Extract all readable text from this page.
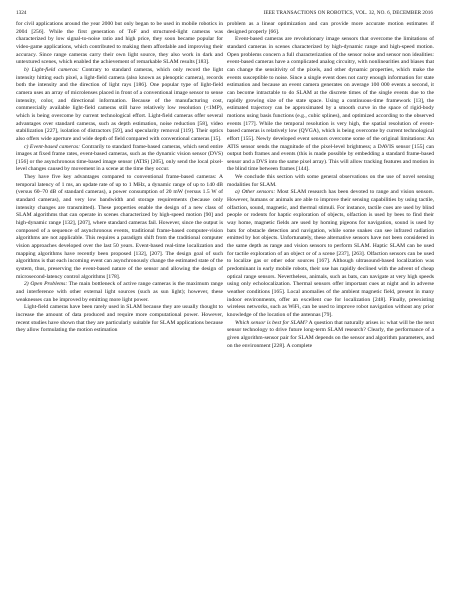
1324	IEEE TRANSACTIONS ON ROBOTICS, VOL. 32, NO. 6, DECEMBER 2016

for civil applications around the year 2000 but only began to be used in mobile robotics in 2004 [256]. While the first generation of ToF and structured-light cameras was characterized by low signal-to-noise ratio and high price, they soon became popular for video-game applications, which contributed to making them affordable and improving their accuracy. Since range cameras carry their own light source, they also work in dark and untextured scenes, which enabled the achievement of remarkable SLAM results [183].

b) Light-field cameras: Contrary to standard cameras, which only record the light intensity hitting each pixel, a light-field camera (also known as plenoptic camera), records both the intensity and the direction of light rays [186]. One popular type of light-field camera uses an array of microlenses placed in front of a conventional image sensor to sense intensity, color, and directional information. Because of the manufacturing cost, commercially available light-field cameras still have relatively low resolution (<1MP), which is being overcome by current technological effort. Light-field cameras offer several advantages over standard cameras, such as depth estimation, noise reduction [58], video stabilization [227], isolation of distractors [59], and specularity removal [119]. Their optics also offers wide aperture and wide depth of field compared with conventional cameras [15].

c) Event-based cameras: Contrarily to standard frame-based cameras, which send entire images at fixed frame rates, event-based cameras, such as the dynamic vision sensor (DVS) [156] or the asynchronous time-based image sensor (ATIS) [205], only send the local pixel-level changes caused by movement in a scene at the time they occur.

They have five key advantages compared to conventional frame-based cameras: A temporal latency of 1 ms, an update rate of up to 1 MHz, a dynamic range of up to 140 dB (versus 60–70 dB of standard cameras), a power consumption of 20 mW (versus 1.5 W of standard cameras), and very low bandwidth and storage requirements (because only intensity changes are transmitted). These properties enable the design of a new class of SLAM algorithms that can operate in scenes characterized by high-speed motion [90] and high-dynamic range [132], [207], where standard cameras fail. However, since the output is composed of a sequence of asynchronous events, traditional frame-based computer-vision algorithms are not applicable. This requires a paradigm shift from the traditional computer vision approaches developed over the last 50 years. Event-based real-time localization and mapping algorithms have recently been proposed [132], [207]. The design goal of such algorithms is that each incoming event can asynchronously change the estimated state of the system, thus, preserving the event-based nature of the sensor and allowing the design of microsecond-latency control algorithms [178].

2) Open Problems: The main bottleneck of active range cameras is the maximum range and interference with other external light sources (such as sun light); however, these weaknesses can be improved by emitting more light power.

Light-field cameras have been rarely used in SLAM because they are usually thought to increase the amount of data produced and require more computational power. However, recent studies have shown that they are particularly suitable for SLAM applications because they allow formulating the motion estimation

problem as a linear optimization and can provide more accurate motion estimates if designed properly [66].

Event-based cameras are revolutionary image sensors that overcome the limitations of standard cameras in scenes characterized by high-dynamic range and high-speed motion. Open problems concern a full characterization of the sensor noise and sensor non idealities: event-based cameras have a complicated analog circuitry, with nonlinearities and biases that can change the sensitivity of the pixels, and other dynamic properties, which make the events susceptible to noise. Since a single event does not carry enough information for state estimation and because an event camera generates on average 100 000 events a second, it can become intractable to do SLAM at the discrete times of the single events due to the rapidly growing size of the state space. Using a continuous-time framework [13], the estimated trajectory can be approximated by a smooth curve in the space of rigid-body motions using basis functions (e.g., cubic splines), and optimized according to the observed events [177]. While the temporal resolution is very high, the spatial resolution of event-based cameras is relatively low (QVGA), which is being overcome by current technological effort [155]. Newly developed event sensors overcome some of the original limitations: An ATIS sensor sends the magnitude of the pixel-level brightness; a DAVIS sensor [155] can output both frames and events (this is made possible by embedding a standard frame-based sensor and a DVS into the same pixel array). This will allow tracking features and motion in the blind time between frames [144].

We conclude this section with some general observations on the use of novel sensing modalities for SLAM.

a) Other sensors: Most SLAM research has been devoted to range and vision sensors. However, humans or animals are able to improve their sensing capabilities by using tactile, olfaction, sound, magnetic, and thermal stimuli. For instance, tactile cues are used by blind people or rodents for haptic exploration of objects, olfaction is used by bees to find their way home, magnetic fields are used by homing pigeons for navigation, sound is used by bats for obstacle detection and navigation, while some snakes can see infrared radiation emitted by hot objects. Unfortunately, these alternative sensors have not been considered in the same depth as range and vision sensors to perform SLAM. Haptic SLAM can be used for tactile exploration of an object or of a scene [237], [263]. Olfaction sensors can be used to localize gas or other odor sources [167]. Although ultrasound-based localization was predominant in early mobile robots, their use has rapidly declined with the advent of cheap optical range sensors. Nevertheless, animals, such as bats, can navigate at very high speeds using only echolocalization. Thermal sensors offer important cues at night and in adverse weather conditions [165]. Local anomalies of the ambient magnetic field, present in many indoor environments, offer an excellent cue for localization [248]. Finally, preexisting wireless networks, such as WiFi, can be used to improve robot navigation without any prior knowledge of the location of the antennas [79].

Which sensor is best for SLAM? A question that naturally arises is: what will be the next sensor technology to drive future long-term SLAM research? Clearly, the performance of a given algorithm-sensor pair for SLAM depends on the sensor and algorithm parameters, and on the environment [228]. A complete
